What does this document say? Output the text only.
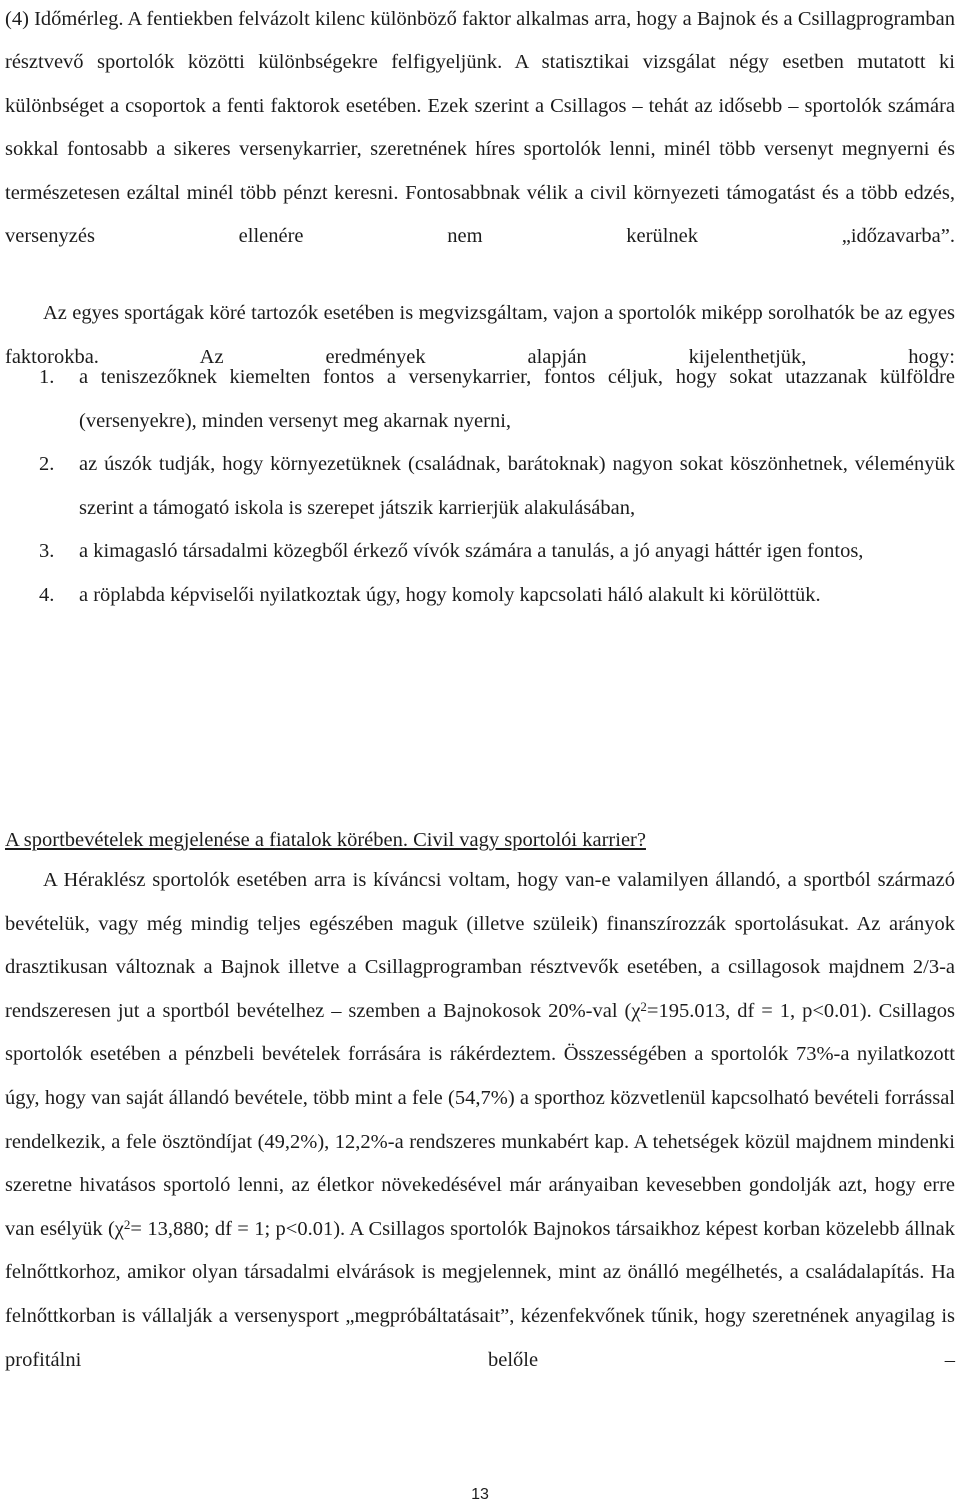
(4) Időmérleg. A fentiekben felvázolt kilenc különböző faktor alkalmas arra, hogy a Bajnok és a Csillagprogramban résztvevő sportolók közötti különbségekre felfigyeljünk. A statisztikai vizsgálat négy esetben mutatott ki különbséget a csoportok a fenti faktorok esetében. Ezek szerint a Csillagos – tehát az idősebb – sportolók számára sokkal fontosabb a sikeres versenykarrier, szeretnének híres sportolók lenni, minél több versenyt megnyerni és természetesen ezáltal minél több pénzt keresni. Fontosabbnak vélik a civil környezeti támogatást és a több edzés, versenyzés ellenére nem kerülnek „időzavarba”.

Az egyes sportágak köré tartozók esetében is megvizsgáltam, vajon a sportolók miképp sorolhatók be az egyes faktorokba.	Az eredmények alapján kijelenthetjük, hogy:

1. a teniszezőknek kiemelten fontos a versenykarrier, fontos céljuk, hogy sokat utazzanak külföldre (versenyekre), minden versenyt meg akarnak nyerni,

2. az úszók tudják, hogy környezetüknek (családnak, barátoknak) nagyon sokat köszönhetnek, véleményük szerint a támogató iskola is szerepet játszik karrierjük alakulásában,

3. a kimagasló társadalmi közegből érkező vívók számára a tanulás, a jó anyagi háttér igen fontos,

4. a röplabda képviselői nyilatkoztak úgy, hogy komoly kapcsolati háló alakult ki körülöttük.

A sportbevételek megjelenése a fiatalok körében. Civil vagy sportolói karrier?

A Héraklész sportolók esetében arra is kíváncsi voltam, hogy van-e valamilyen állandó, a sportból származó bevételük, vagy még mindig teljes egészében maguk (illetve szüleik) finanszírozzák sportolásukat. Az arányok drasztikusan változnak a Bajnok illetve a Csillagprogramban résztvevők esetében, a csillagosok majdnem 2/3-a rendszeresen jut a sportból bevételhez – szemben a Bajnokosok 20%-val ($\chi^2=195.013$, df = 1, p<0.01). Csillagos sportolók esetében a pénzbeli bevételek forrására is rákérdeztem. Összességében a sportolók 73%-a nyilatkozott úgy, hogy van saját állandó bevétele, több mint a fele (54,7%) a sporthoz közvetlenül kapcsolható bevételi forrással rendelkezik, a fele ösztöndíjat (49,2%), 12,2%-a rendszeres munkabért kap. A tehetségek közül majdnem mindenki szeretne hivatásos sportoló lenni, az életkor növekedésével már arányaiban kevesebben gondolják azt, hogy erre van esélyük ($\chi^2= 13,880$; df = 1; p<0.01). A Csillagos sportolók Bajnokos társaikhoz képest korban közelebb állnak felnőttkorhoz, amikor olyan társadalmi elvárások is megjelennek, mint az önálló megélhetés, a családalapítás. Ha felnőttkorban is vállalják a versenysport „megpróbáltatásait”, kézenfekvőnek tűnik, hogy szeretnének anyagilag is profitálni belőle –

13
